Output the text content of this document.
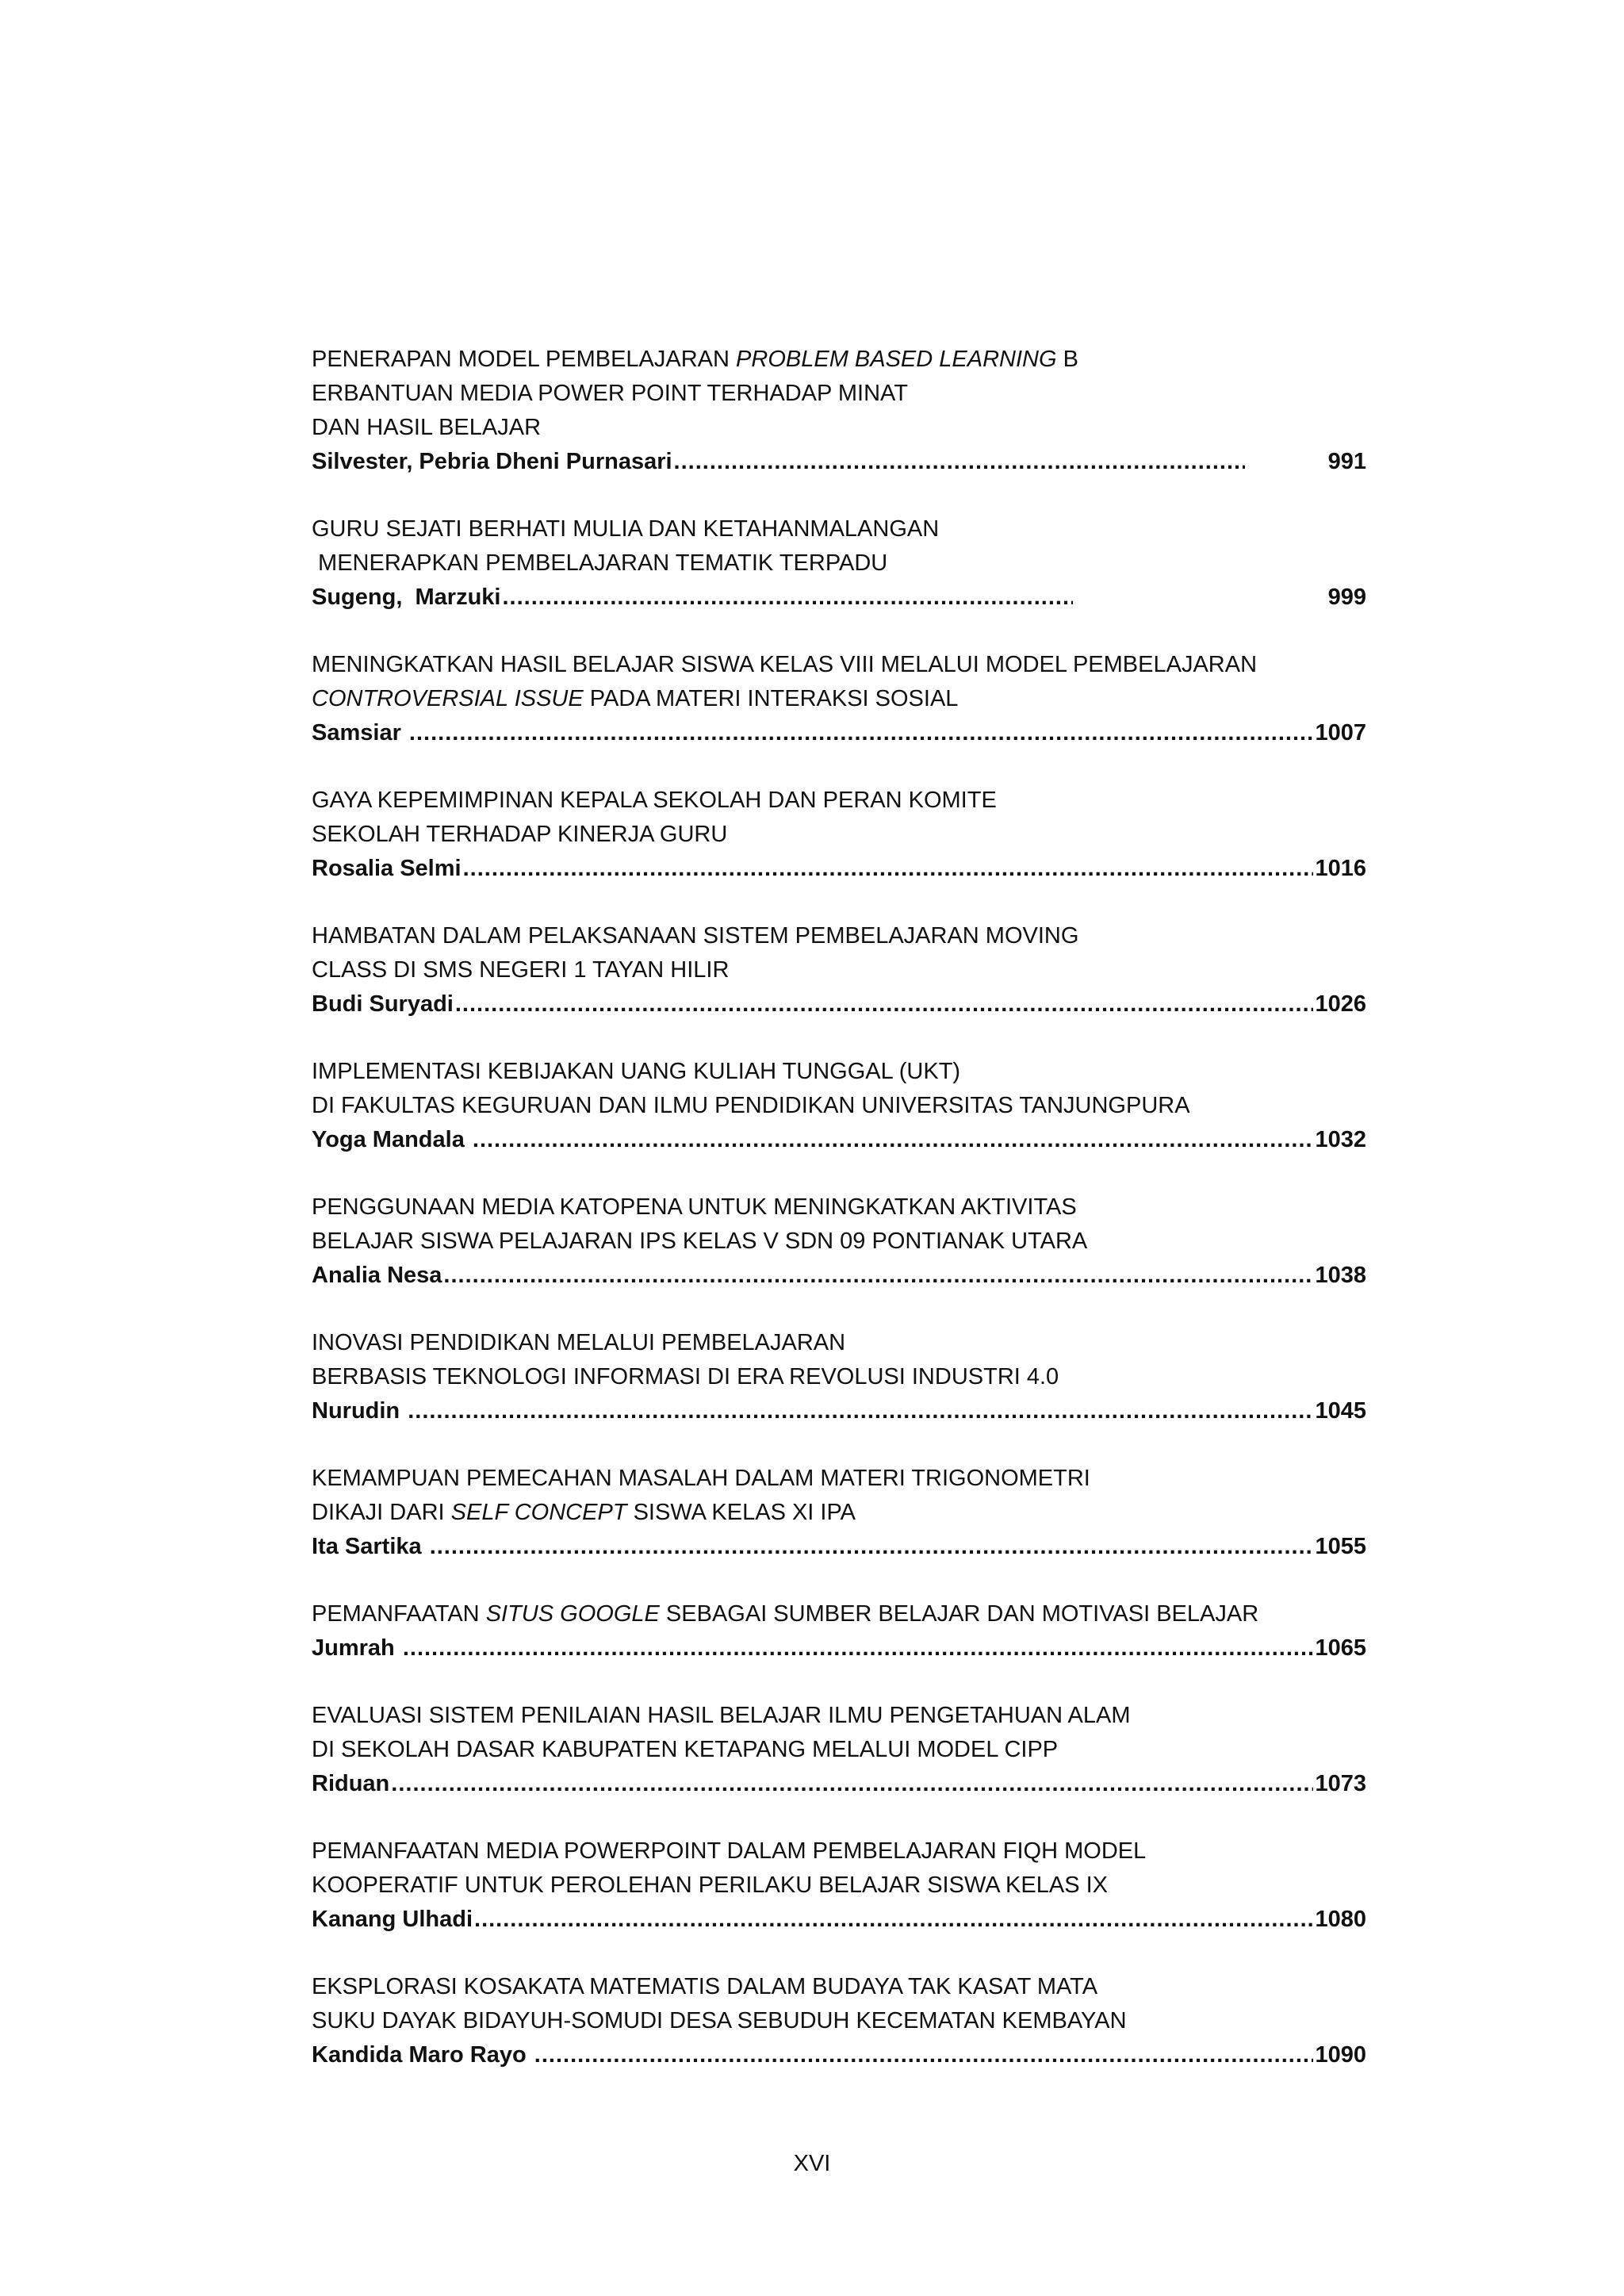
PENERAPAN MODEL PEMBELAJARAN PROBLEM BASED LEARNING B
ERBANTUAN MEDIA POWER POINT TERHADAP MINAT
DAN HASIL BELAJAR
Silvester, Pebria Dheni Purnasari .....	991
GURU SEJATI BERHATI MULIA DAN KETAHANMALANGAN
MENERAPKAN PEMBELAJARAN TEMATIK TERPADU
Sugeng,  Marzuki .....	999
MENINGKATKAN HASIL BELAJAR SISWA KELAS VIII MELALUI MODEL PEMBELAJARAN
CONTROVERSIAL ISSUE PADA MATERI INTERAKSI SOSIAL
Samsiar .....	1007
GAYA KEPEMIMPINAN KEPALA SEKOLAH DAN PERAN KOMITE
SEKOLAH TERHADAP KINERJA GURU
Rosalia Selmi .....	1016
HAMBATAN DALAM PELAKSANAAN SISTEM PEMBELAJARAN MOVING
CLASS DI SMS NEGERI 1 TAYAN HILIR
Budi Suryadi .....	1026
IMPLEMENTASI KEBIJAKAN UANG KULIAH TUNGGAL (UKT)
DI FAKULTAS KEGURUAN DAN ILMU PENDIDIKAN UNIVERSITAS TANJUNGPURA
Yoga Mandala .....	1032
PENGGUNAAN MEDIA KATOPENA UNTUK MENINGKATKAN AKTIVITAS
BELAJAR SISWA PELAJARAN IPS KELAS V SDN 09 PONTIANAK UTARA
Analia Nesa .....	1038
INOVASI PENDIDIKAN MELALUI PEMBELAJARAN
BERBASIS TEKNOLOGI INFORMASI DI ERA REVOLUSI INDUSTRI 4.0
Nurudin .....	1045
KEMAMPUAN PEMECAHAN MASALAH DALAM MATERI TRIGONOMETRI
DIKAJI DARI SELF CONCEPT SISWA KELAS XI IPA
Ita Sartika .....	1055
PEMANFAATAN SITUS GOOGLE SEBAGAI SUMBER BELAJAR DAN MOTIVASI BELAJAR
Jumrah .....	1065
EVALUASI SISTEM PENILAIAN HASIL BELAJAR ILMU PENGETAHUAN ALAM
DI SEKOLAH DASAR KABUPATEN KETAPANG MELALUI MODEL CIPP
Riduan .....	1073
PEMANFAATAN MEDIA POWERPOINT DALAM PEMBELAJARAN FIQH MODEL
KOOPERATIF UNTUK PEROLEHAN PERILAKU BELAJAR SISWA KELAS IX
Kanang Ulhadi .....	1080
EKSPLORASI KOSAKATA MATEMATIS DALAM BUDAYA TAK KASAT MATA
SUKU DAYAK BIDAYUH-SOMUDI DESA SEBUDUH KECEMATAN KEMBAYAN
Kandida Maro Rayo .....	1090
XVI
